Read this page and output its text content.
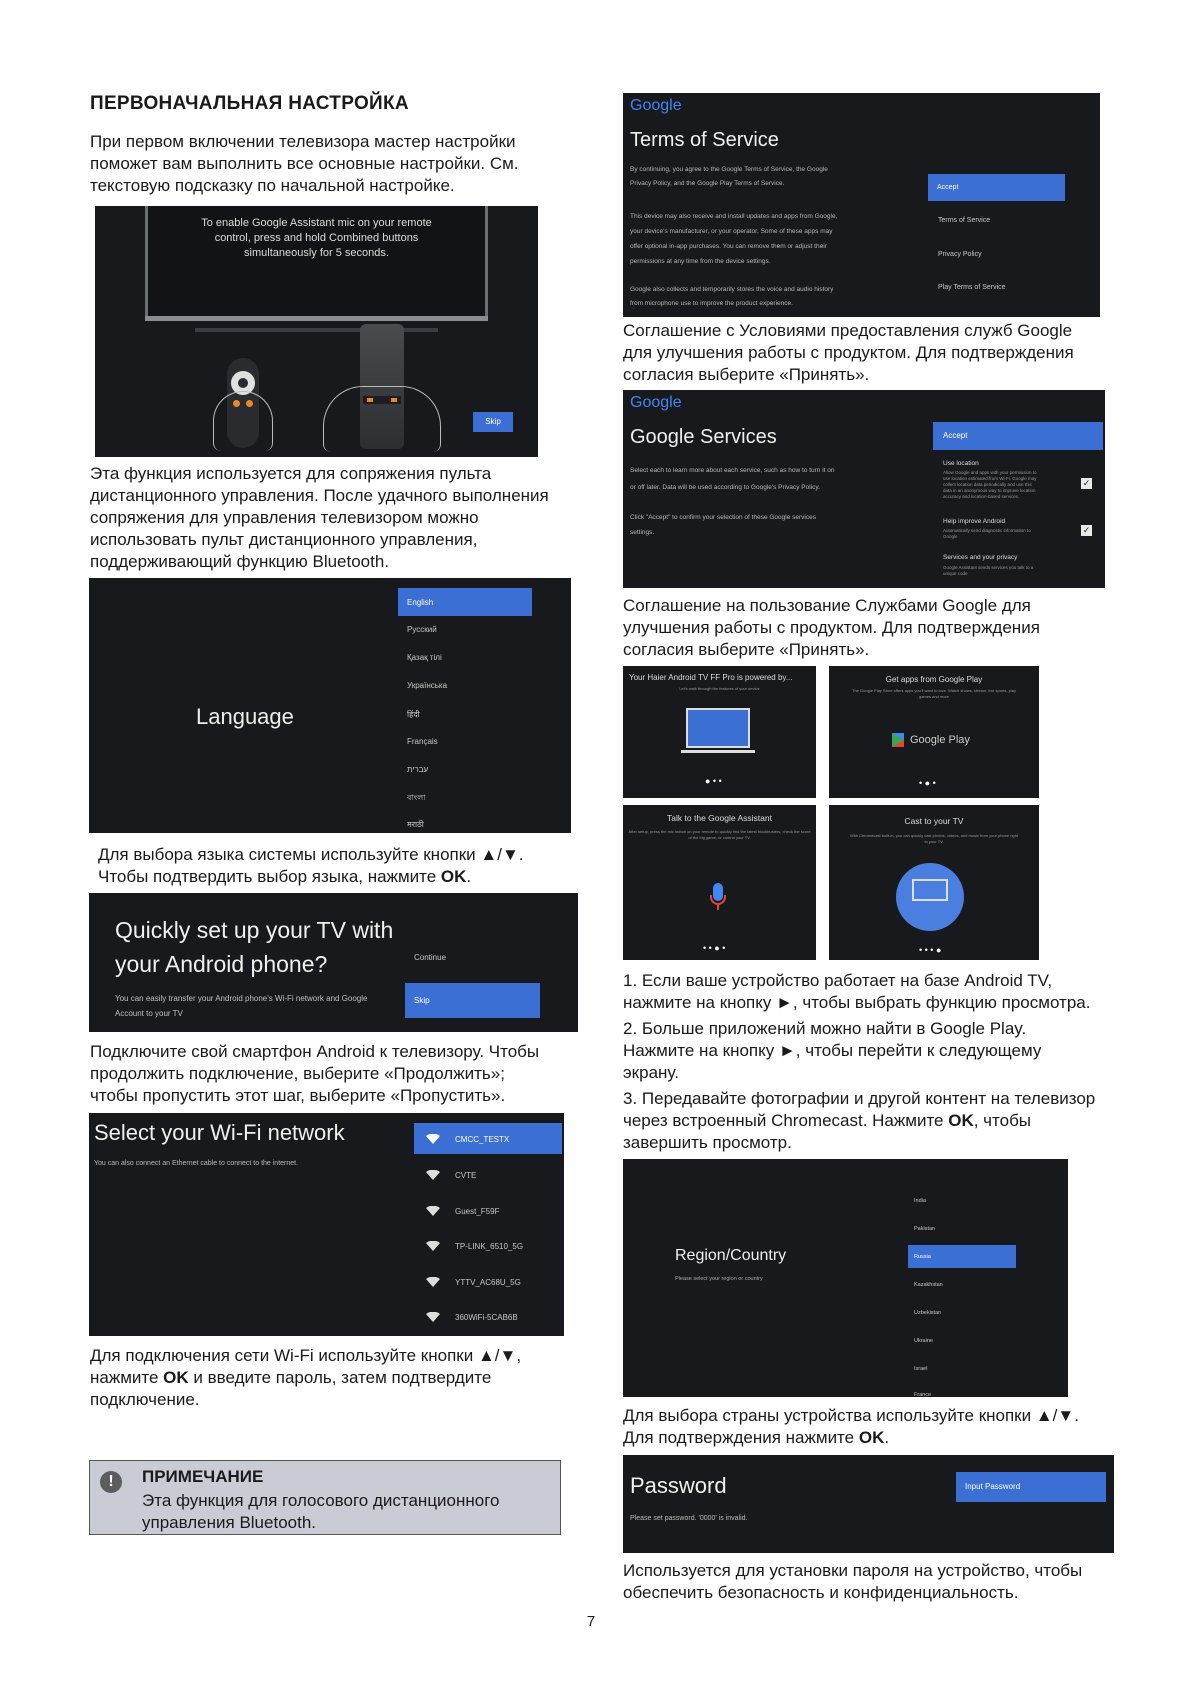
ПЕРВОНАЧАЛЬНАЯ НАСТРОЙКА
При первом включении телевизора мастер настройки
поможет вам выполнить все основные настройки. См.
текстовую подсказку по начальной настройке.
To enable Google Assistant mic on your remote
control, press and hold Combined buttons
simultaneously for 5 seconds.
Skip
Эта функция используется для сопряжения пульта
дистанционного управления. После удачного выполнения
сопряжения для управления телевизором можно
использовать пульт дистанционного управления,
поддерживающий функцию Bluetooth.
Language
English
Русский
Қазақ тілі
Українська
हिंदी
Français
עברית
বাংলা
मराठी
Для выбора языка системы используйте кнопки ▲/▼.
Чтобы подтвердить выбор языка, нажмите OK.
Quickly set up your TV with
your Android phone?
You can easily transfer your Android phone's Wi-Fi network and Google
Account to your TV
Continue
Skip
Подключите свой смартфон Android к телевизору. Чтобы
продолжить подключение, выберите «Продолжить»;
чтобы пропустить этот шаг, выберите «Пропустить».
Select your Wi-Fi network
You can also connect an Ethernet cable to connect to the internet.
CMCC_TESTX
CVTE
Guest_F59F
TP-LINK_6510_5G
YTTV_AC68U_5G
360WiFi-5CAB6B
Для подключения сети Wi-Fi используйте кнопки ▲/▼,
нажмите OK и введите пароль, затем подтвердите
подключение.
!	ПРИМЕЧАНИЕ
Эта функция для голосового дистанционного
управления Bluetooth.
Google
Terms of Service
By continuing, you agree to the Google Terms of Service, the Google
Privacy Policy, and the Google Play Terms of Service.
This device may also receive and install updates and apps from Google,
your device's manufacturer, or your operator. Some of these apps may
offer optional in-app purchases. You can remove them or adjust their
permissions at any time from the device settings.
Google also collects and temporarily stores the voice and audio history
from microphone use to improve the product experience.
Accept
Terms of Service
Privacy Policy
Play Terms of Service
Соглашение с Условиями предоставления служб Google
для улучшения работы с продуктом. Для подтверждения
согласия выберите «Принять».
Google
Google Services
Select each to learn more about each service, such as how to turn it on
or off later. Data will be used according to Google's Privacy Policy.
Click "Accept" to confirm your selection of these Google services
settings.
Accept
Use location
Allow Google and apps with your permission to
use location estimated from Wi-Fi. Google may
collect location data periodically and use this
data in an anonymous way to improve location
accuracy and location-based services.
✓
Help improve Android
Automatically send diagnostic information to
Google
✓
Services and your privacy
Google Assistant sends services you talk to a
unique code
Соглашение на пользование Службами Google для
улучшения работы с продуктом. Для подтверждения
согласия выберите «Принять».
Your Haier Android TV FF Pro is powered by...
Let's walk through the features of your device
● • •
Get apps from Google Play
The Google Play Store offers apps you'll want to love. Watch shows, stream, live sports, play games and more
Google Play
• ● •
Talk to the Google Assistant
After setup, press the mic button on your remote to quickly find the latest blockbusters, check the score of the big game, or control your TV.
• • ● •
Cast to your TV
With Chromecast built-in, you can quickly cast photos, videos, and music from your phone right to your TV.
• • • ●
1. Если ваше устройство работает на базе Android TV,
нажмите на кнопку ►, чтобы выбрать функцию просмотра.
2. Больше приложений можно найти в Google Play.
Нажмите на кнопку ►, чтобы перейти к следующему
экрану.
3. Передавайте фотографии и другой контент на телевизор
через встроенный Chromecast. Нажмите OK, чтобы
завершить просмотр.
Region/Country
Please select your region or country
India
Pakistan
Russia
Kazakhstan
Uzbekistan
Ukraine
Israel
France
Для выбора страны устройства используйте кнопки ▲/▼.
Для подтверждения нажмите OK.
Password
Please set password. '0000' is invalid.
Input Password
Используется для установки пароля на устройство, чтобы
обеспечить безопасность и конфиденциальность.
7
